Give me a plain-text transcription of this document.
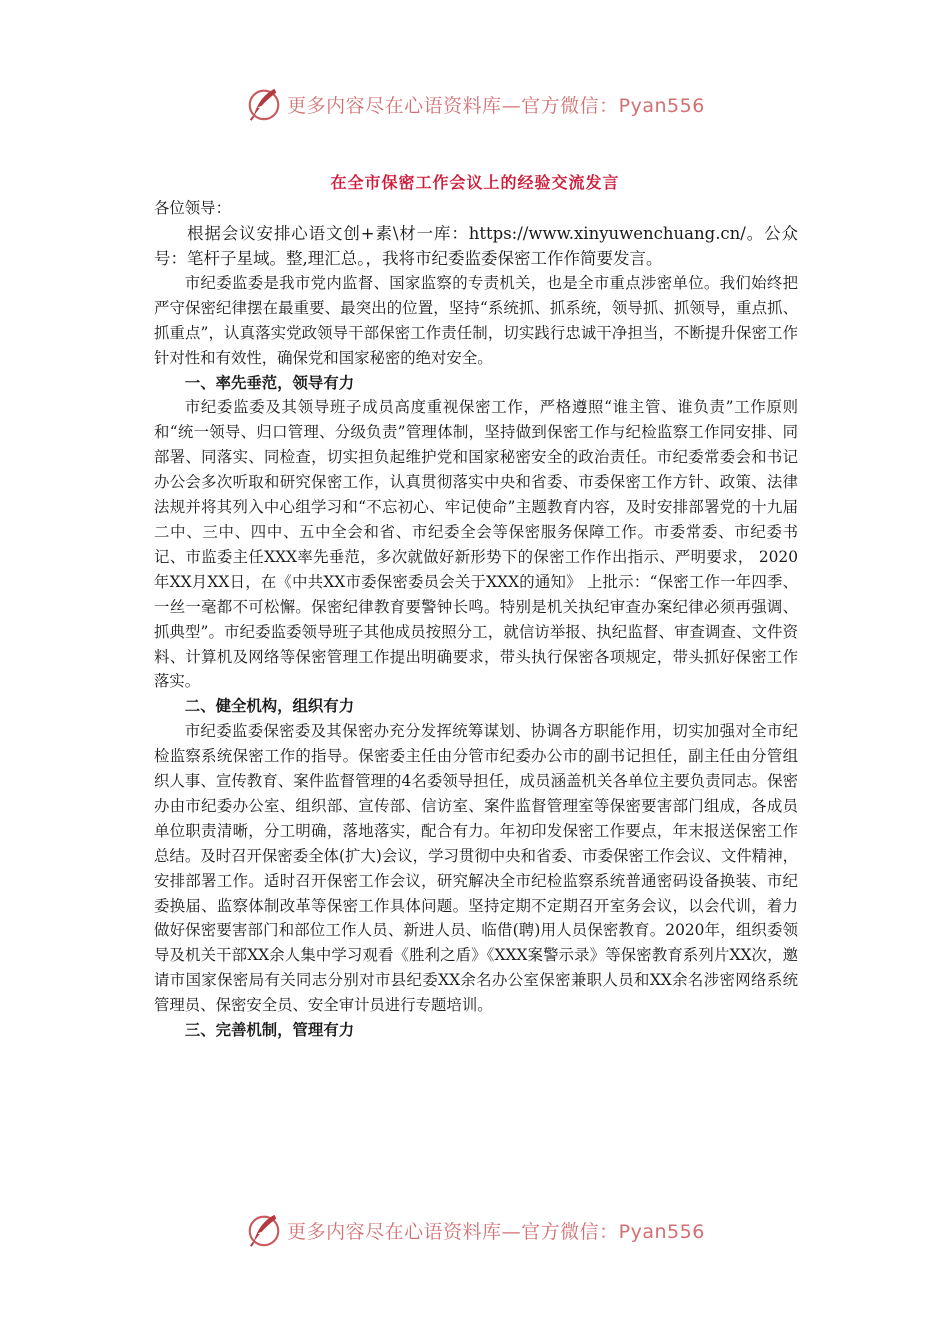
更多内容尽在心语资料库—官方微信：Pyan556
在全市保密工作会议上的经验交流发言

各位领导：

根据会议安排心语文创+素\材一库：https://www.xinyuwenchuang.cn/。公众号：笔杆子星域。整,理汇总。，我将市纪委监委保密工作作简要发言。

市纪委监委是我市党内监督、国家监察的专责机关，也是全市重点涉密单位。我们始终把严守保密纪律摆在最重要、最突出的位置，坚持“系统抓、抓系统，领导抓、抓领导，重点抓、抓重点”，认真落实党政领导干部保密工作责任制，切实践行忠诚干净担当，不断提升保密工作针对性和有效性，确保党和国家秘密的绝对安全。

一、率先垂范，领导有力

市纪委监委及其领导班子成员高度重视保密工作，严格遵照“谁主管、谁负责”工作原则和“统一领导、归口管理、分级负责”管理体制，坚持做到保密工作与纪检监察工作同安排、同部署、同落实、同检查，切实担负起维护党和国家秘密安全的政治责任。市纪委常委会和书记办公会多次听取和研究保密工作，认真贯彻落实中央和省委、市委保密工作方针、政策、法律法规并将其列入中心组学习和“不忘初心、牢记使命”主题教育内容，及时安排部署党的十九届二中、三中、四中、五中全会和省、市纪委全会等保密服务保障工作。市委常委、市纪委书记、市监委主任XXX率先垂范，多次就做好新形势下的保密工作作出指示、严明要求， 2020年XX月XX日，在《中共XX市委保密委员会关于XXX的通知》 上批示：“保密工作一年四季、一丝一毫都不可松懈。保密纪律教育要警钟长鸣。特别是机关执纪审查办案纪律必须再强调、抓典型”。市纪委监委领导班子其他成员按照分工，就信访举报、执纪监督、审查调查、文件资料、计算机及网络等保密管理工作提出明确要求，带头执行保密各项规定，带头抓好保密工作落实。

二、健全机构，组织有力

市纪委监委保密委及其保密办充分发挥统筹谋划、协调各方职能作用，切实加强对全市纪检监察系统保密工作的指导。保密委主任由分管市纪委办公市的副书记担任，副主任由分管组织人事、宣传教育、案件监督管理的4名委领导担任，成员涵盖机关各单位主要负责同志。保密办由市纪委办公室、组织部、宣传部、信访室、案件监督管理室等保密要害部门组成，各成员单位职责清晰，分工明确，落地落实，配合有力。年初印发保密工作要点，年末报送保密工作总结。及时召开保密委全体(扩大)会议，学习贯彻中央和省委、市委保密工作会议、文件精神，安排部署工作。适时召开保密工作会议，研究解决全市纪检监察系统普通密码设备换装、市纪委换届、监察体制改革等保密工作具体问题。坚持定期不定期召开室务会议，以会代训，着力做好保密要害部门和部位工作人员、新进人员、临借(聘)用人员保密教育。2020年，组织委领导及机关干部XX余人集中学习观看《胜利之盾》《XXX案警示录》等保密教育系列片XX次，邀请市国家保密局有关同志分别对市县纪委XX余名办公室保密兼职人员和XX余名涉密网络系统管理员、保密安全员、安全审计员进行专题培训。

三、完善机制，管理有力

更多内容尽在心语资料库—官方微信：Pyan556
